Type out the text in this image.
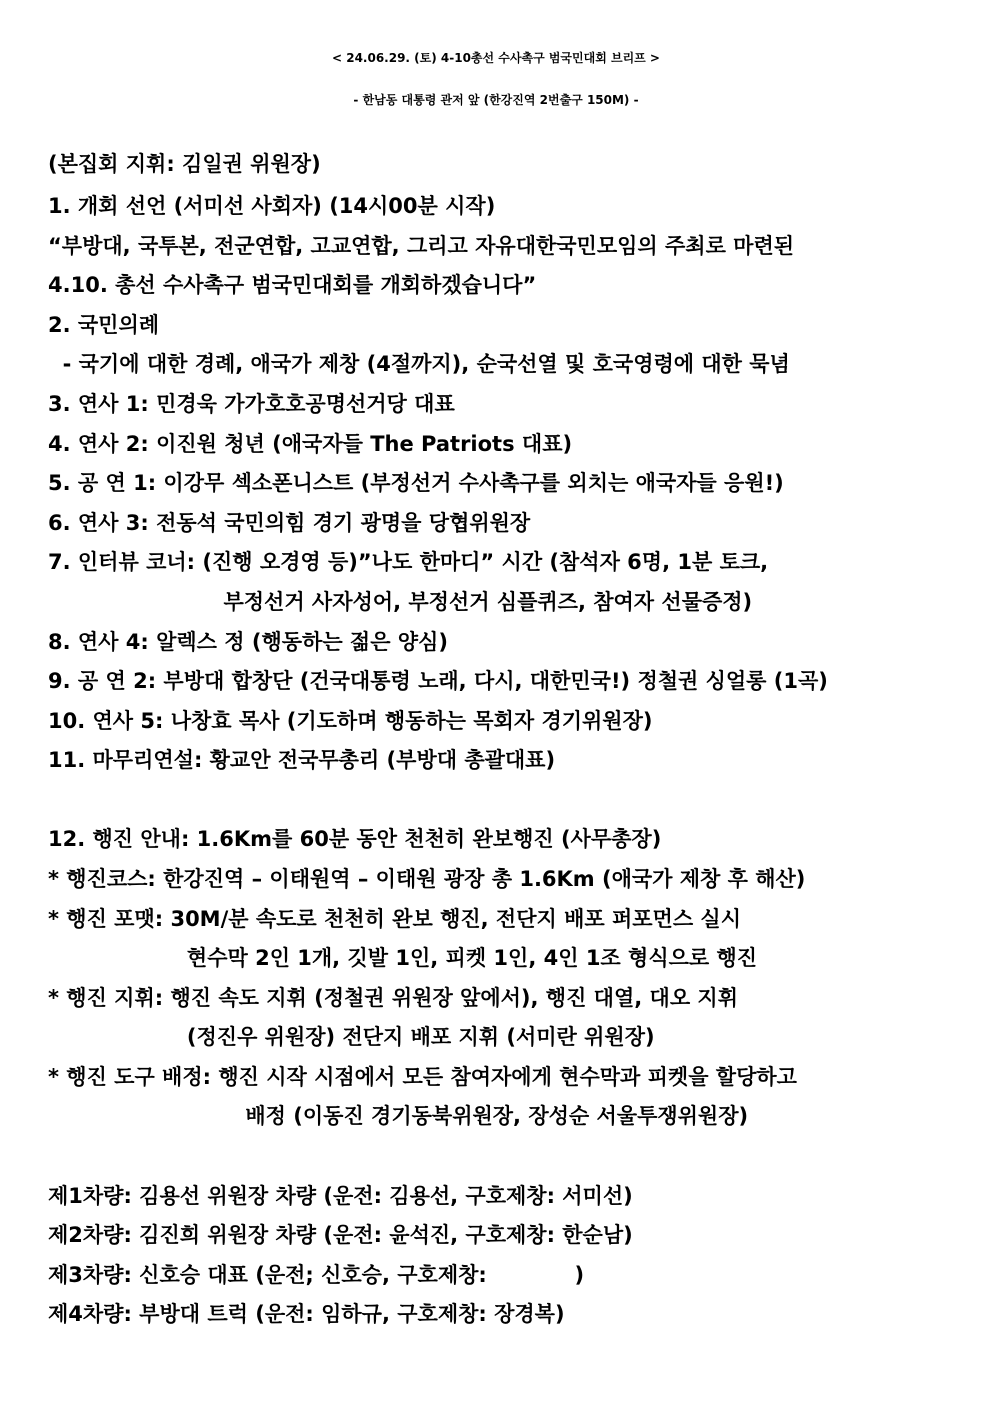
< 24.06.29. (토) 4-10총선 수사촉구 범국민대회 브리프 >
- 한남동 대통령 관저 앞 (한강진역 2번출구 150M) -
(본집회 지휘: 김일권 위원장)
1. 개회 선언 (서미선 사회자) (14시00분 시작)
“부방대, 국투본, 전군연합, 고교연합, 그리고 자유대한국민모임의 주최로 마련된
4.10. 총선 수사촉구 범국민대회를 개회하겠습니다”
2. 국민의례
- 국기에 대한 경례, 애국가 제창 (4절까지), 순국선열 및 호국영령에 대한 묵념
3. 연사 1: 민경욱 가가호호공명선거당 대표
4. 연사 2: 이진원 청년 (애국자들 The Patriots 대표)
5. 공 연 1: 이강무 섹소폰니스트 (부정선거 수사촉구를 외치는 애국자들 응원!)
6. 연사 3: 전동석 국민의힘 경기 광명을 당협위원장
7. 인터뷰 코너: (진행 오경영 등)”나도 한마디” 시간 (참석자 6명, 1분 토크,
부정선거 사자성어, 부정선거 심플퀴즈, 참여자 선물증정)
8. 연사 4: 알렉스 정 (행동하는 젊은 양심)
9. 공 연 2: 부방대 합창단 (건국대통령 노래, 다시, 대한민국!) 정철권 싱얼롱 (1곡)
10. 연사 5: 나창효 목사 (기도하며 행동하는 목회자 경기위원장)
11. 마무리연설: 황교안 전국무총리 (부방대 총괄대표)
12. 행진 안내: 1.6Km를 60분 동안 천천히 완보행진 (사무총장)
* 행진코스: 한강진역 – 이태원역 – 이태원 광장 총 1.6Km (애국가 제창 후 해산)
* 행진 포맷: 30M/분 속도로 천천히 완보 행진, 전단지 배포 퍼포먼스 실시
현수막 2인 1개, 깃발 1인, 피켓 1인, 4인 1조 형식으로 행진
* 행진 지휘: 행진 속도 지휘 (정철권 위원장 앞에서), 행진 대열, 대오 지휘
(정진우 위원장) 전단지 배포 지휘 (서미란 위원장)
* 행진 도구 배정: 행진 시작 시점에서 모든 참여자에게 현수막과 피켓을 할당하고
배정 (이동진 경기동북위원장, 장성순 서울투쟁위원장)
제1차량: 김용선 위원장 차량 (운전: 김용선, 구호제창: 서미선)
제2차량: 김진희 위원장 차량 (운전: 윤석진, 구호제창: 한순남)
제3차량: 신호승 대표 (운전; 신호승, 구호제창:            )
제4차량: 부방대 트럭 (운전: 임하규, 구호제창: 장경복)
